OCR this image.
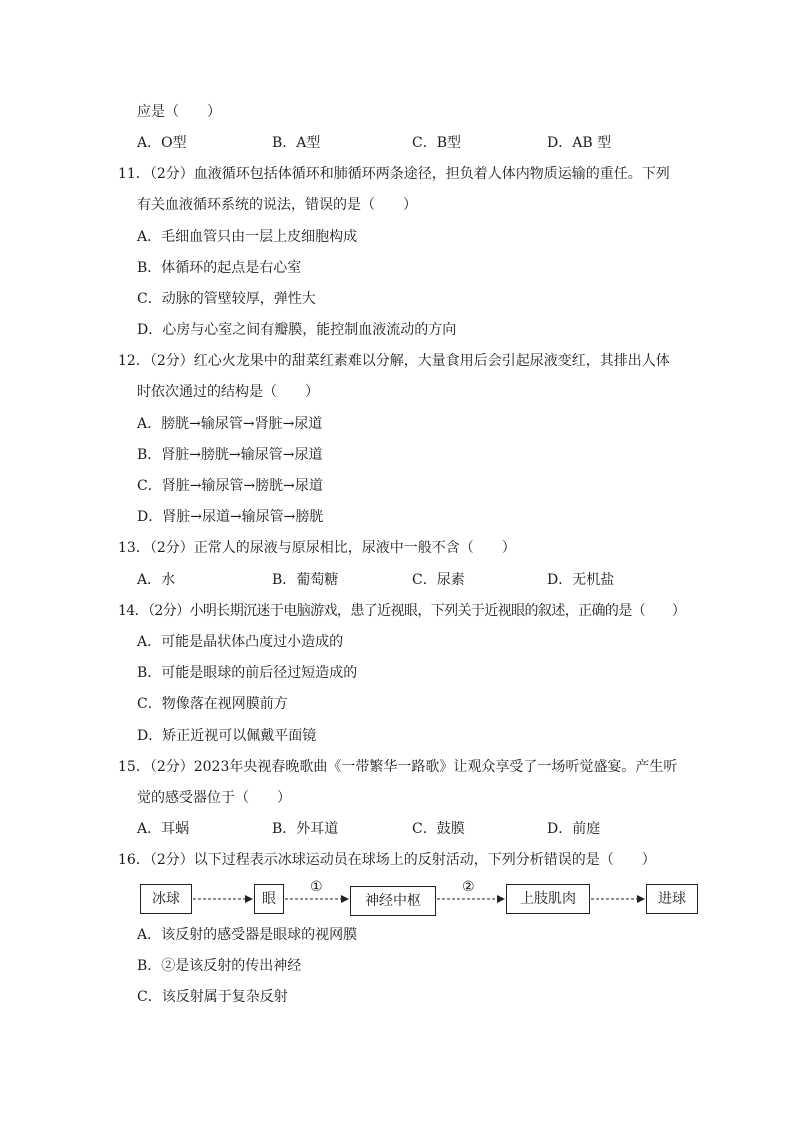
应是（　　）
A．O型	B．A型	C．B型	D．AB 型
11．（2分）血液循环包括体循环和肺循环两条途径，担负着人体内物质运输的重任。下列
有关血液循环系统的说法，错误的是（　　）
A．毛细血管只由一层上皮细胞构成
B．体循环的起点是右心室
C．动脉的管壁较厚，弹性大
D．心房与心室之间有瓣膜，能控制血液流动的方向
12．（2分）红心火龙果中的甜菜红素难以分解，大量食用后会引起尿液变红，其排出人体
时依次通过的结构是（　　）
A．膀胱→输尿管→肾脏→尿道
B．肾脏→膀胱→输尿管→尿道
C．肾脏→输尿管→膀胱→尿道
D．肾脏→尿道→输尿管→膀胱
13．（2分）正常人的尿液与原尿相比，尿液中一般不含（　　）
A．水	B．葡萄糖	C．尿素	D．无机盐
14．（2分）小明长期沉迷于电脑游戏，患了近视眼，下列关于近视眼的叙述，正确的是（　　）
A．可能是晶状体凸度过小造成的
B．可能是眼球的前后径过短造成的
C．物像落在视网膜前方
D．矫正近视可以佩戴平面镜
15．（2分）2023年央视春晚歌曲《一带繁华一路歌》让观众享受了一场听觉盛宴。产生听
觉的感受器位于（　　）
A．耳蜗	B．外耳道	C．鼓膜	D．前庭
16．（2分）以下过程表示冰球运动员在球场上的反射活动，下列分析错误的是（　　）
冰球	眼	神经中枢	上肢肌肉	进球
①	②
A．该反射的感受器是眼球的视网膜
B．②是该反射的传出神经
C．该反射属于复杂反射
